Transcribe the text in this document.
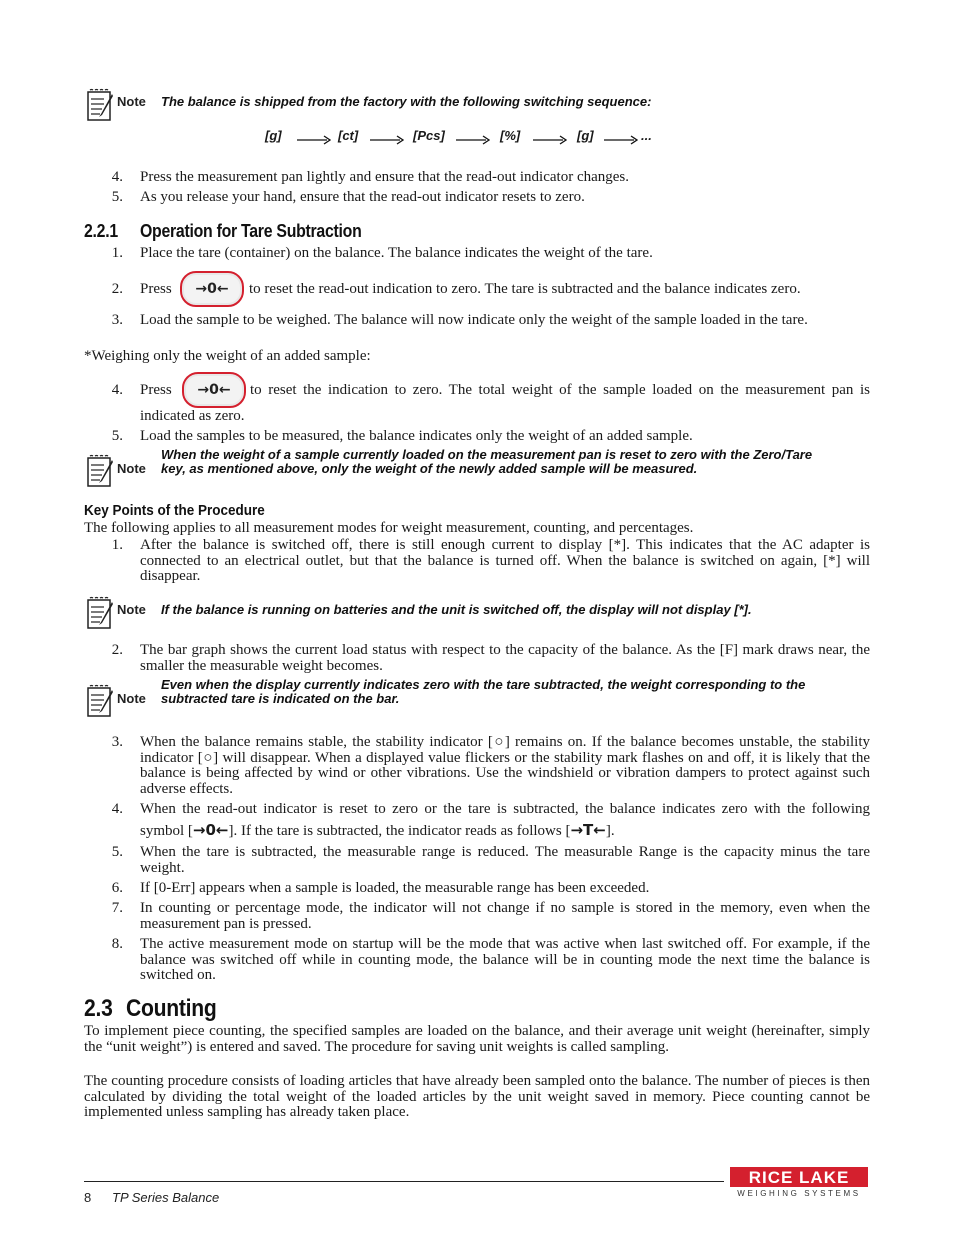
Note The balance is shipped from the factory with the following switching sequence:
[g]	[ct]	[Pcs]	[%]	[g]	...
4. Press the measurement pan lightly and ensure that the read-out indicator changes.
5. As you release your hand, ensure that the read-out indicator resets to zero.
2.2.1 Operation for Tare Subtraction
1. Place the tare (container) on the balance. The balance indicates the weight of the tare.
2. Press	→0←	to reset the read-out indication to zero. The tare is subtracted and the balance indicates zero.
3. Load the sample to be weighed. The balance will now indicate only the weight of the sample loaded in the tare.
*Weighing only the weight of an added sample:
4. Press	→0←	to reset the indication to zero. The total weight of the sample loaded on the measurement pan is
indicated as zero.
5. Load the samples to be measured, the balance indicates only the weight of an added sample.
Note
When the weight of a sample currently loaded on the measurement pan is reset to zero with the Zero/Tare
key, as mentioned above, only the weight of the newly added sample will be measured.
Key Points of the Procedure
The following applies to all measurement modes for weight measurement, counting, and percentages.
1. After the balance is switched off, there is still enough current to display [*]. This indicates that the AC adapter is connected to an electrical outlet, but that the balance is turned off. When the balance is switched on again, [*] will disappear.
Note If the balance is running on batteries and the unit is switched off, the display will not display [*].
2. The bar graph shows the current load status with respect to the capacity of the balance. As the [F] mark draws near, the smaller the measurable weight becomes.
Note
Even when the display currently indicates zero with the tare subtracted, the weight corresponding to the
subtracted tare is indicated on the bar.
3. When the balance remains stable, the stability indicator [○] remains on. If the balance becomes unstable, the stability indicator [○] will disappear. When a displayed value flickers or the stability mark flashes on and off, it is likely that the balance is being affected by wind or other vibrations. Use the windshield or vibration dampers to protect against such adverse effects.
4. When the read-out indicator is reset to zero or the tare is subtracted, the balance indicates zero with the following
symbol [→0←]. If the tare is subtracted, the indicator reads as follows [→T←].
5. When the tare is subtracted, the measurable range is reduced. The measurable Range is the capacity minus the tare weight.
6. If [0-Err] appears when a sample is loaded, the measurable range has been exceeded.
7. In counting or percentage mode, the indicator will not change if no sample is stored in the memory, even when the measurement pan is pressed.
8. The active measurement mode on startup will be the mode that was active when last switched off. For example, if the balance was switched off while in counting mode, the balance will be in counting mode the next time the balance is switched on.
2.3 Counting
To implement piece counting, the specified samples are loaded on the balance, and their average unit weight (hereinafter, simply the “unit weight”) is entered and saved. The procedure for saving unit weights is called sampling.
The counting procedure consists of loading articles that have already been sampled onto the balance. The number of pieces is then calculated by dividing the total weight of the loaded articles by the unit weight saved in memory. Piece counting cannot be implemented unless sampling has already taken place.
8 TP Series Balance
RICE LAKE
WEIGHING SYSTEMS
